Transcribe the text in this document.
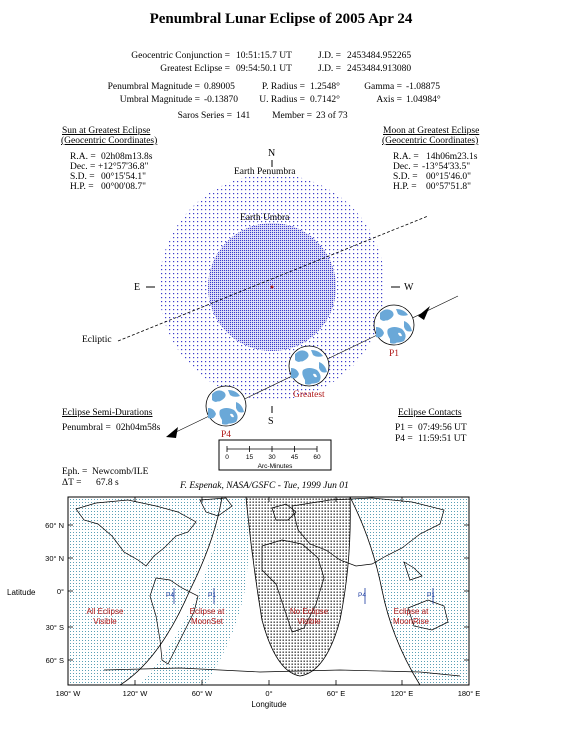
Penumbral Lunar Eclipse of 2005 Apr 24
Geocentric Conjunction = 10:51:15.7 UT	J.D. = 2453484.952265
Greatest Eclipse = 09:54:50.1 UT	J.D. = 2453484.913080
Penumbral Magnitude = 0.89005	P. Radius = 1.2548°	Gamma = -1.08875
Umbral Magnitude = -0.13870	U. Radius = 0.7142°	Axis = 1.04984°
Saros Series = 141	Member = 23 of 73
Sun at Greatest Eclipse
(Geocentric Coordinates)
R.A. = 02h08m13.8s
Dec. = +12°57'36.8"
S.D. = 00°15'54.1"
H.P. = 00°00'08.7"
Moon at Greatest Eclipse
(Geocentric Coordinates)
R.A. = 14h06m23.1s
Dec. = -13°54'33.5"
S.D. = 00°15'46.0"
H.P. = 00°57'51.8"
N
Earth Penumbra
Earth Umbra
E	W
Ecliptic
P1
Greatest
P4
S
Eclipse Semi-Durations
Penumbral = 02h04m58s
Eclipse Contacts
P1 = 07:49:56 UT
P4 = 11:59:51 UT
0	15	30	45	60
Arc-Minutes
Eph. = Newcomb/ILE
ΔT = 67.8 s	F. Espenak, NASA/GSFC - Tue, 1999 Jun 01
60° N
30° N
0°
30° S
60° S
Latitude
180° W	120° W	60° W	0°	60° E	120° E	180° E
Longitude
All Eclipse
Visible
Eclipse at
MoonSet
No Eclipse
Visible
Eclipse at
MoonRise
P4	P1	P4	P1
